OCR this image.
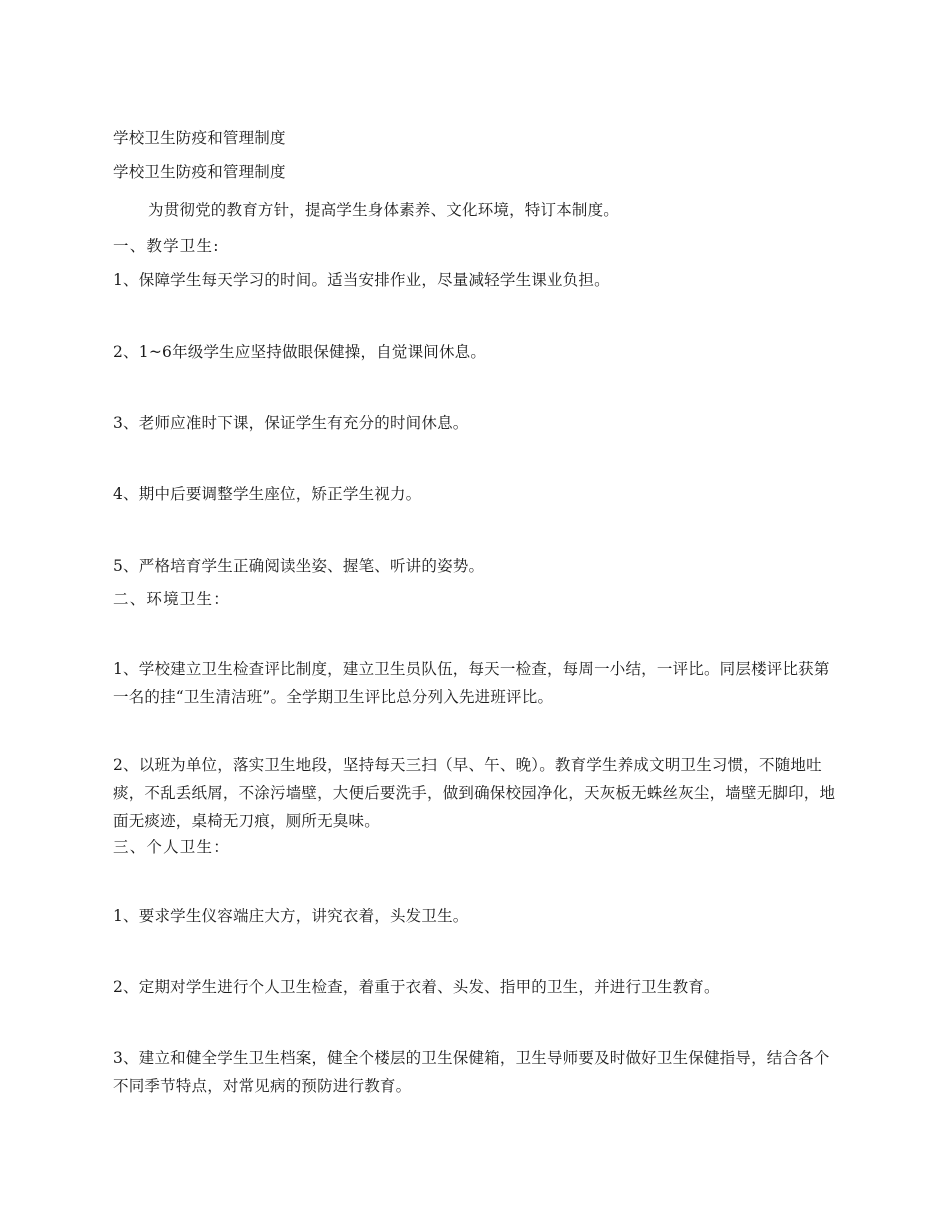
学校卫生防疫和管理制度
学校卫生防疫和管理制度
为贯彻党的教育方针，提高学生身体素养、文化环境，特订本制度。
一、教学卫生:
1、保障学生每天学习的时间。适当安排作业，尽量减轻学生课业负担。
2、1~6年级学生应坚持做眼保健操，自觉课间休息。
3、老师应准时下课，保证学生有充分的时间休息。
4、期中后要调整学生座位，矫正学生视力。
5、严格培育学生正确阅读坐姿、握笔、听讲的姿势。
二、环境卫生：
1、学校建立卫生检查评比制度，建立卫生员队伍，每天一检查，每周一小结，一评比。同层楼评比获第一名的挂“卫生清洁班”。全学期卫生评比总分列入先进班评比。
2、以班为单位，落实卫生地段，坚持每天三扫（早、午、晚）。教育学生养成文明卫生习惯，不随地吐痰，不乱丢纸屑，不涂污墙壁，大便后要洗手，做到确保校园净化，天灰板无蛛丝灰尘，墙壁无脚印，地面无痰迹，桌椅无刀痕，厕所无臭味。
三、个人卫生：
1、要求学生仪容端庄大方，讲究衣着，头发卫生。
2、定期对学生进行个人卫生检查，着重于衣着、头发、指甲的卫生，并进行卫生教育。
3、建立和健全学生卫生档案，健全个楼层的卫生保健箱，卫生导师要及时做好卫生保健指导，结合各个不同季节特点，对常见病的预防进行教育。
